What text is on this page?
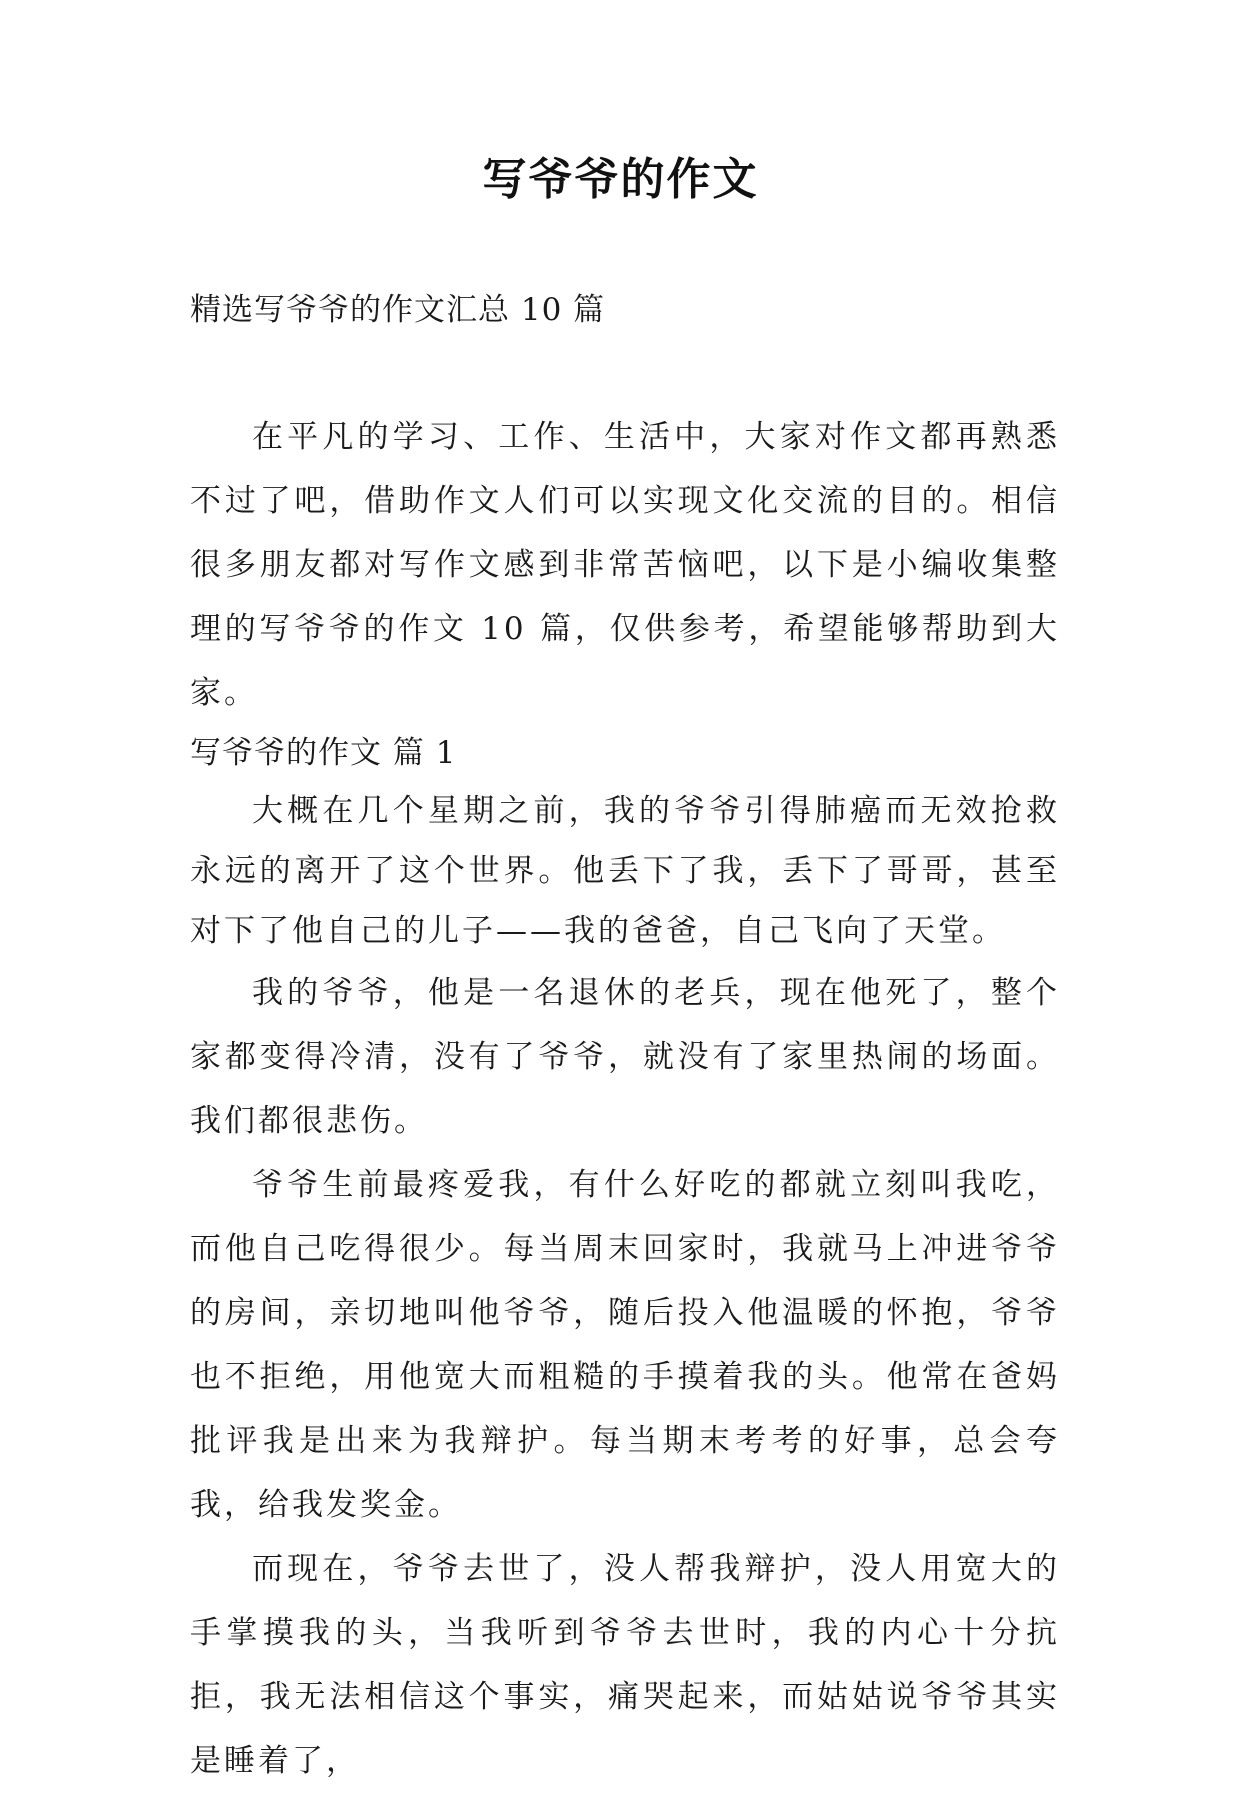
写爷爷的作文
精选写爷爷的作文汇总 10 篇

在平凡的学习、工作、生活中，大家对作文都再熟悉不过了吧，借助作文人们可以实现文化交流的目的。相信很多朋友都对写作文感到非常苦恼吧，以下是小编收集整理的写爷爷的作文 10 篇，仅供参考，希望能够帮助到大家。

写爷爷的作文 篇 1

大概在几个星期之前，我的爷爷引得肺癌而无效抢救永远的离开了这个世界。他丢下了我，丢下了哥哥，甚至对下了他自己的儿子——我的爸爸，自己飞向了天堂。

我的爷爷，他是一名退休的老兵，现在他死了，整个家都变得冷清，没有了爷爷，就没有了家里热闹的场面。我们都很悲伤。

爷爷生前最疼爱我，有什么好吃的都就立刻叫我吃，而他自己吃得很少。每当周末回家时，我就马上冲进爷爷的房间，亲切地叫他爷爷，随后投入他温暖的怀抱，爷爷也不拒绝，用他宽大而粗糙的手摸着我的头。他常在爸妈批评我是出来为我辩护。每当期末考考的好事，总会夸我，给我发奖金。

而现在，爷爷去世了，没人帮我辩护，没人用宽大的手掌摸我的头，当我听到爷爷去世时，我的内心十分抗拒，我无法相信这个事实，痛哭起来，而姑姑说爷爷其实是睡着了，
